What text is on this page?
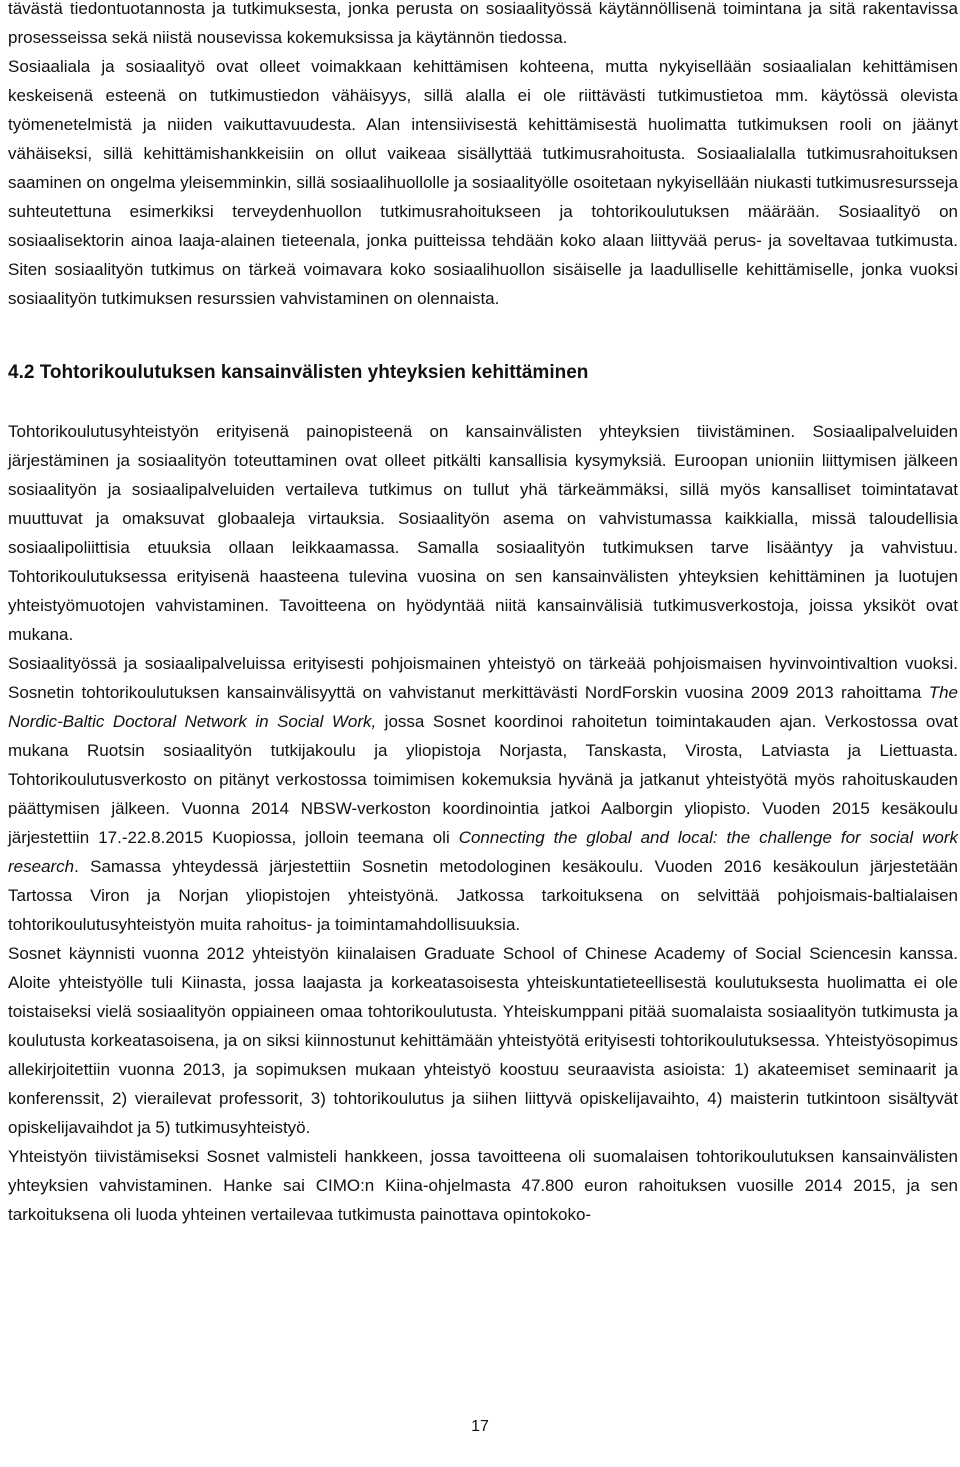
tävästä tiedontuotannosta ja tutkimuksesta, jonka perusta on sosiaalityössä käytännöllisenä toimintana ja sitä rakentavissa prosesseissa sekä niistä nousevissa kokemuksissa ja käytännön tiedossa.

Sosiaaliala ja sosiaalityö ovat olleet voimakkaan kehittämisen kohteena, mutta nykyisellään sosiaalialan kehittämisen keskeisenä esteenä on tutkimustiedon vähäisyys, sillä alalla ei ole riittävästi tutkimustietoa mm. käytössä olevista työmenetelmistä ja niiden vaikuttavuudesta. Alan intensiivisestä kehittämisestä huolimatta tutkimuksen rooli on jäänyt vähäiseksi, sillä kehittämishankkeisiin on ollut vaikeaa sisällyttää tutkimusrahoitusta. Sosiaalialalla tutkimusrahoituksen saaminen on ongelma yleisemminkin, sillä sosiaalihuollolle ja sosiaalityölle osoitetaan nykyisellään niukasti tutkimusresursseja suhteutettuna esimerkiksi terveydenhuollon tutkimusrahoitukseen ja tohtorikoulutuksen määrään. Sosiaalityö on sosiaalisektorin ainoa laaja-alainen tieteenala, jonka puitteissa tehdään koko alaan liittyvää perus- ja soveltavaa tutkimusta. Siten sosiaalityön tutkimus on tärkeä voimavara koko sosiaalihuollon sisäiselle ja laadulliselle kehittämiselle, jonka vuoksi sosiaalityön tutkimuksen resurssien vahvistaminen on olennaista.

4.2 Tohtorikoulutuksen kansainvälisten yhteyksien kehittäminen

Tohtorikoulutusyhteistyön erityisenä painopisteenä on kansainvälisten yhteyksien tiivistäminen. Sosiaalipalveluiden järjestäminen ja sosiaalityön toteuttaminen ovat olleet pitkälti kansallisia kysymyksiä. Euroopan unioniin liittymisen jälkeen sosiaalityön ja sosiaalipalveluiden vertaileva tutkimus on tullut yhä tärkeämmäksi, sillä myös kansalliset toimintatavat muuttuvat ja omaksuvat globaaleja virtauksia. Sosiaalityön asema on vahvistumassa kaikkialla, missä taloudellisia sosiaalipoliittisia etuuksia ollaan leikkaamassa. Samalla sosiaalityön tutkimuksen tarve lisääntyy ja vahvistuu. Tohtorikoulutuksessa erityisenä haasteena tulevina vuosina on sen kansainvälisten yhteyksien kehittäminen ja luotujen yhteistyömuotojen vahvistaminen. Tavoitteena on hyödyntää niitä kansainvälisiä tutkimusverkostoja, joissa yksiköt ovat mukana.

Sosiaalityössä ja sosiaalipalveluissa erityisesti pohjoismainen yhteistyö on tärkeää pohjoismaisen hyvinvointivaltion vuoksi. Sosnetin tohtorikoulutuksen kansainvälisyyttä on vahvistanut merkittävästi NordForskin vuosina 2009 2013 rahoittama The Nordic-Baltic Doctoral Network in Social Work, jossa Sosnet koordinoi rahoitetun toimintakauden ajan. Verkostossa ovat mukana Ruotsin sosiaalityön tutkijakoulu ja yliopistoja Norjasta, Tanskasta, Virosta, Latviasta ja Liettuasta. Tohtorikoulutusverkosto on pitänyt verkostossa toimimisen kokemuksia hyvänä ja jatkanut yhteistyötä myös rahoituskauden päättymisen jälkeen. Vuonna 2014 NBSW-verkoston koordinointia jatkoi Aalborgin yliopisto. Vuoden 2015 kesäkoulu järjestettiin 17.-22.8.2015 Kuopiossa, jolloin teemana oli Connecting the global and local: the challenge for social work research. Samassa yhteydessä järjestettiin Sosnetin metodologinen kesäkoulu. Vuoden 2016 kesäkoulun järjestetään Tartossa Viron ja Norjan yliopistojen yhteistyönä. Jatkossa tarkoituksena on selvittää pohjoismais-baltialaisen tohtorikoulutusyhteistyön muita rahoitus- ja toimintamahdollisuuksia.

Sosnet käynnisti vuonna 2012 yhteistyön kiinalaisen Graduate School of Chinese Academy of Social Sciencesin kanssa. Aloite yhteistyölle tuli Kiinasta, jossa laajasta ja korkeatasoisesta yhteiskuntatieteellisestä koulutuksesta huolimatta ei ole toistaiseksi vielä sosiaalityön oppiaineen omaa tohtorikoulutusta. Yhteiskumppani pitää suomalaista sosiaalityön tutkimusta ja koulutusta korkeatasoisena, ja on siksi kiinnostunut kehittämään yhteistyötä erityisesti tohtorikoulutuksessa. Yhteistyösopimus allekirjoitettiin vuonna 2013, ja sopimuksen mukaan yhteistyö koostuu seuraavista asioista: 1) akateemiset seminaarit ja konferenssit, 2) vierailevat professorit, 3) tohtorikoulutus ja siihen liittyvä opiskelijavaihto, 4) maisterin tutkintoon sisältyvät opiskelijavaihdot ja 5) tutkimusyhteistyö.

Yhteistyön tiivistämiseksi Sosnet valmisteli hankkeen, jossa tavoitteena oli suomalaisen tohtorikoulutuksen kansainvälisten yhteyksien vahvistaminen. Hanke sai CIMO:n Kiina-ohjelmasta 47.800 euron rahoituksen vuosille 2014 2015, ja sen tarkoituksena oli luoda yhteinen vertailevaa tutkimusta painottava opintokoko-

17
